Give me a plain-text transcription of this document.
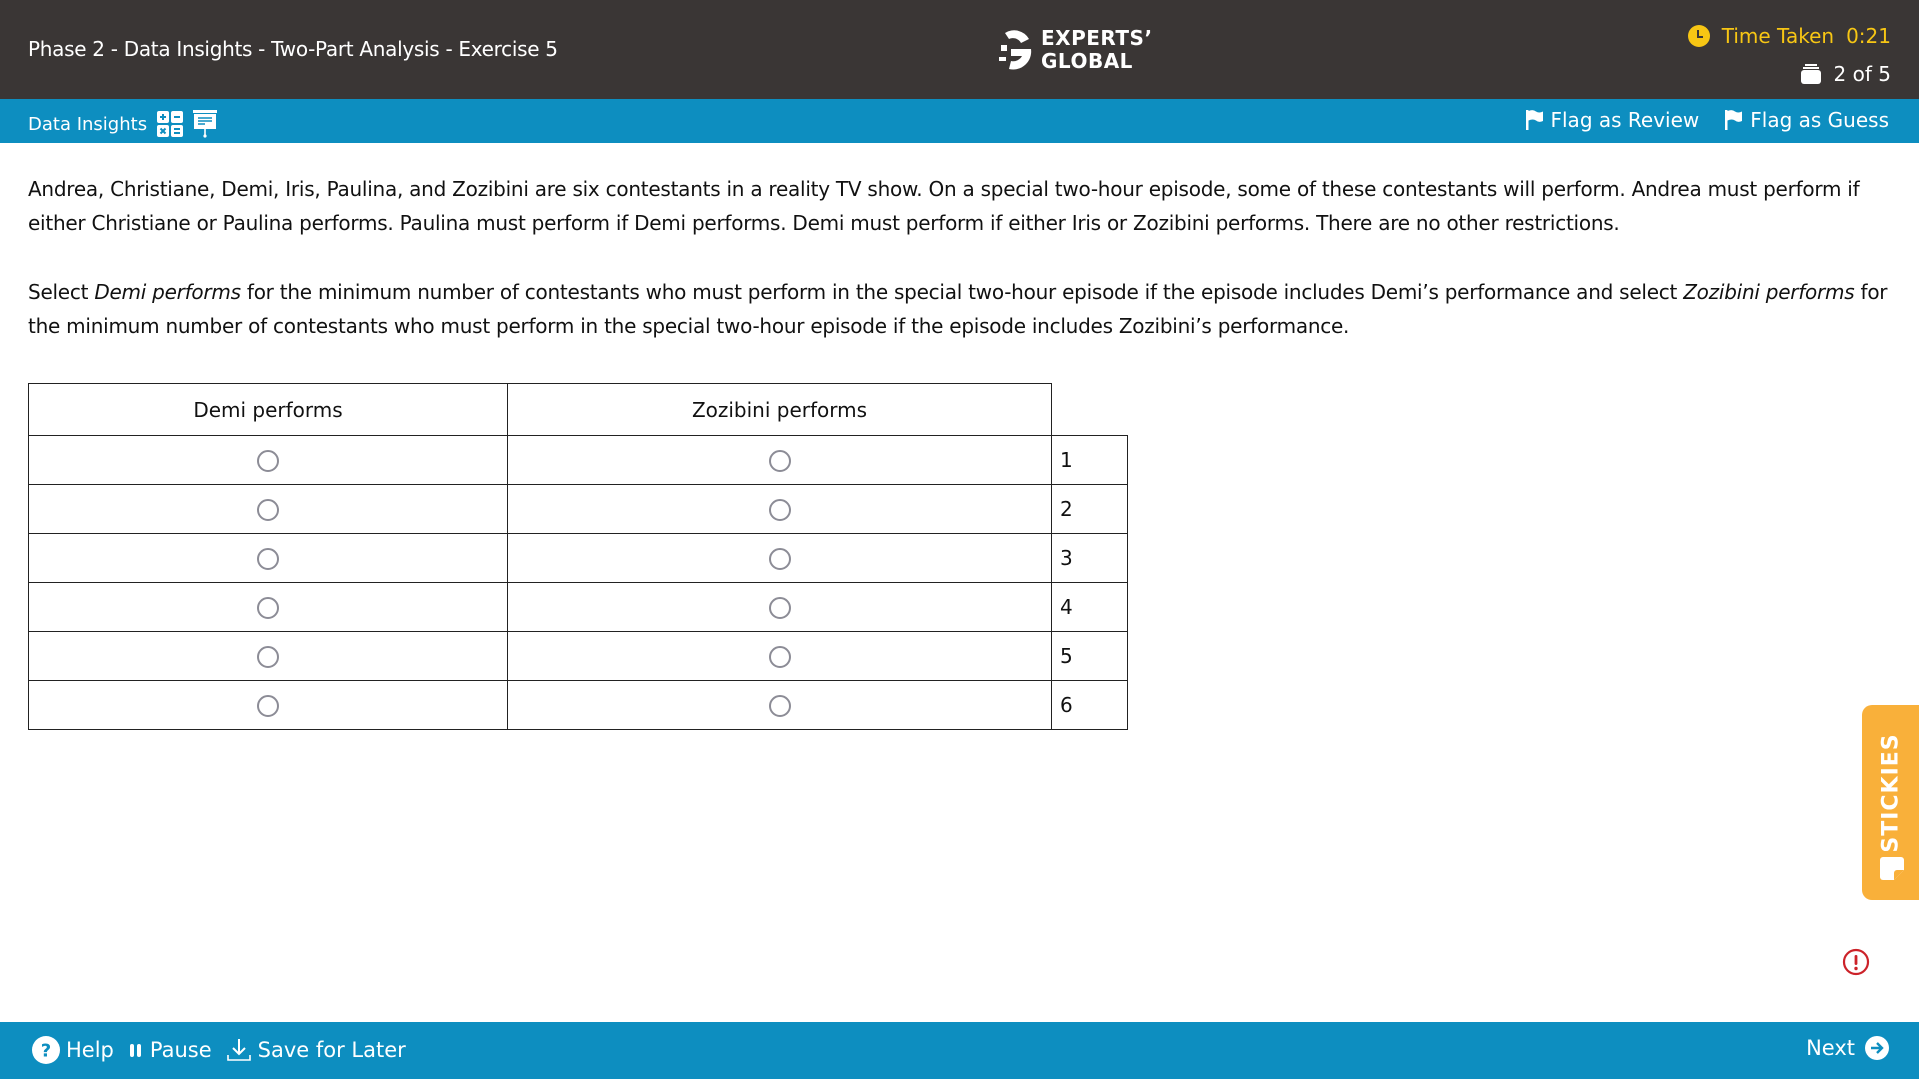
Phase 2 - Data Insights - Two-Part Analysis - Exercise 5	EXPERTS’
GLOBAL
Time Taken 0:21
2 of 5
Data Insights	Flag as Review	Flag as Guess

Andrea, Christiane, Demi, Iris, Paulina, and Zozibini are six contestants in a reality TV show. On a special two-hour episode, some of these contestants will perform. Andrea must perform if either Christiane or Paulina performs. Paulina must perform if Demi performs. Demi must perform if either Iris or Zozibini performs. There are no other restrictions.

Select Demi performs for the minimum number of contestants who must perform in the special two-hour episode if the episode includes Demi’s performance and select Zozibini performs for the minimum number of contestants who must perform in the special two-hour episode if the episode includes Zozibini’s performance.

Demi performs	Zozibini performs	
		1
		2
		3
		4
		5
		6
STICKIES
? Help Pause Save for Later	Next
